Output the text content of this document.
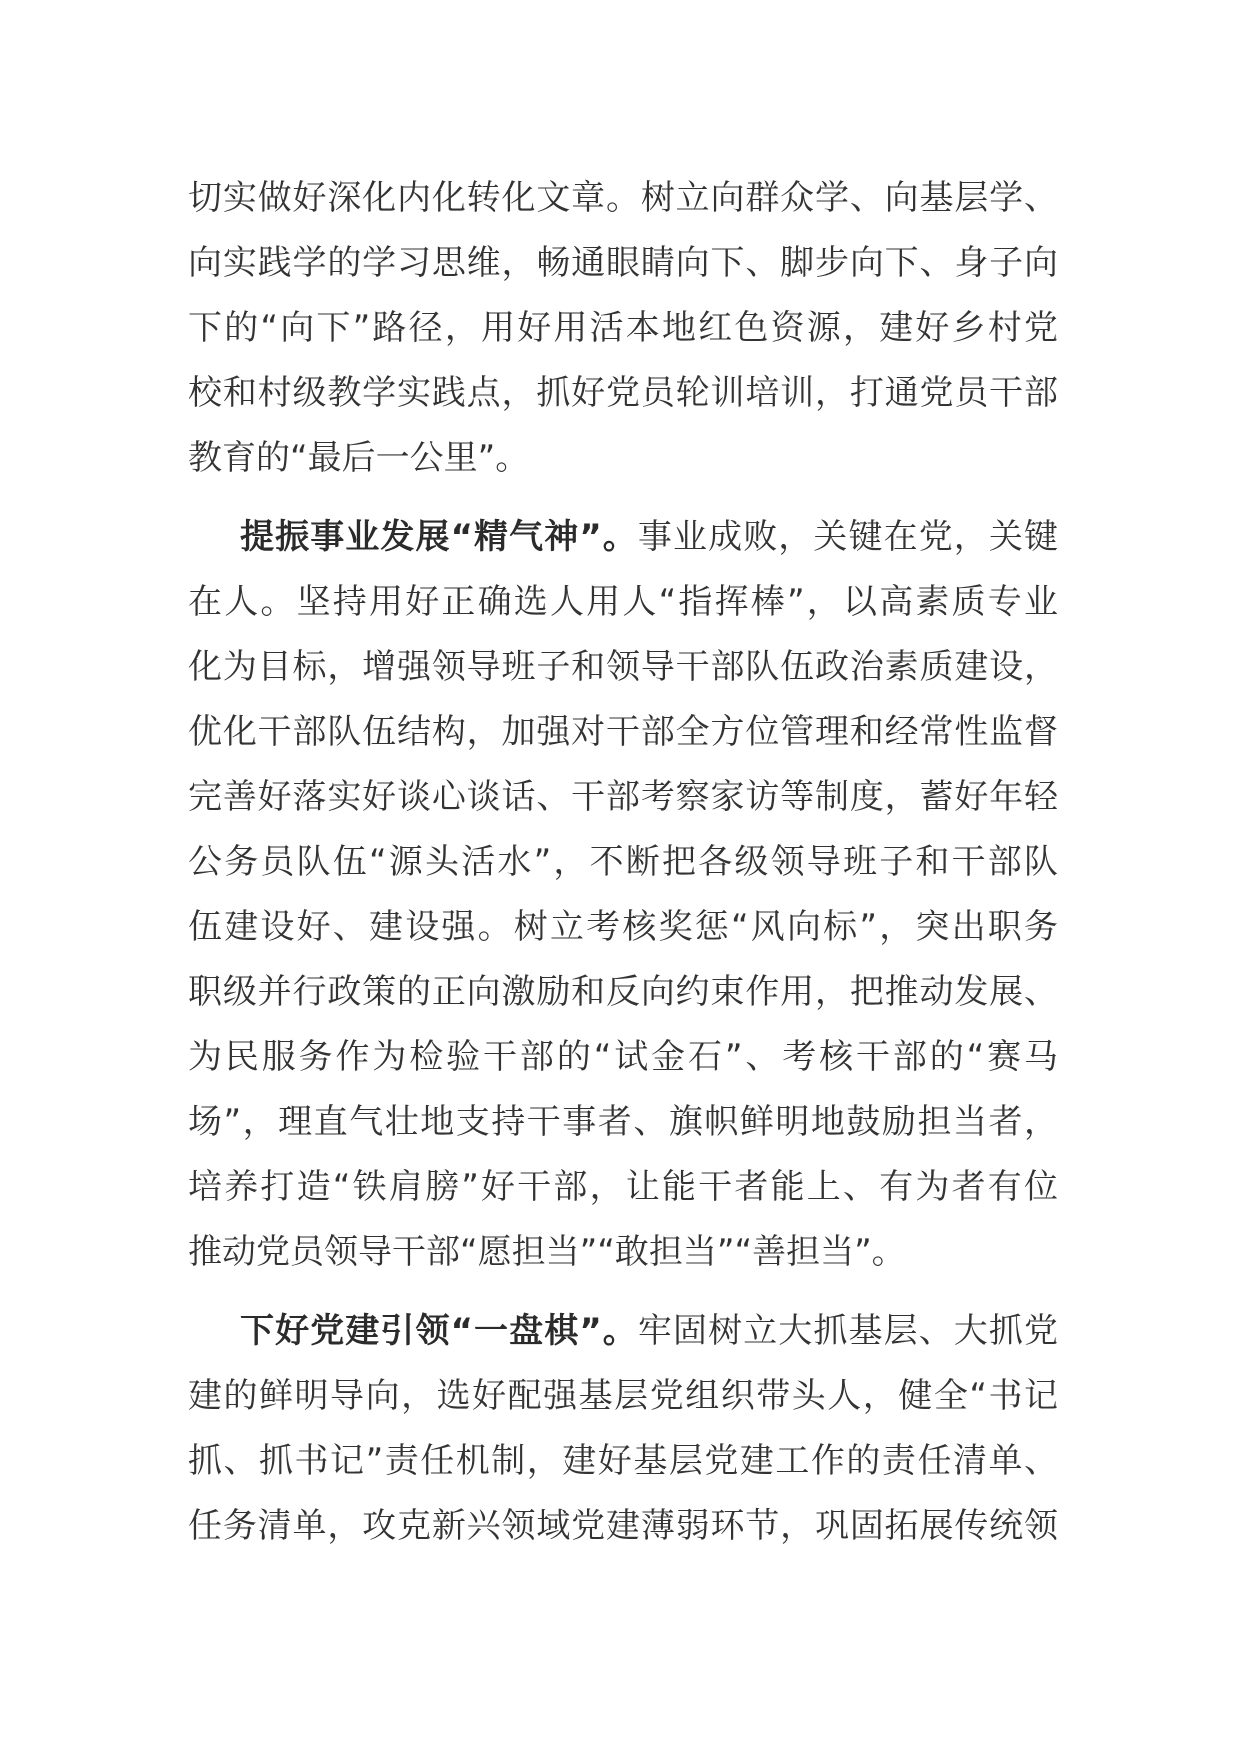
切实做好深化内化转化文章。树立向群众学、向基层学、
向实践学的学习思维，畅通眼睛向下、脚步向下、身子向
下的“向下”路径，用好用活本地红色资源，建好乡村党
校和村级教学实践点，抓好党员轮训培训，打通党员干部
教育的“最后一公里”。
提振事业发展“精气神”。事业成败，关键在党，关键
在人。坚持用好正确选人用人“指挥棒”，以高素质专业
化为目标，增强领导班子和领导干部队伍政治素质建设，
优化干部队伍结构，加强对干部全方位管理和经常性监督
完善好落实好谈心谈话、干部考察家访等制度，蓄好年轻
公务员队伍“源头活水”，不断把各级领导班子和干部队
伍建设好、建设强。树立考核奖惩“风向标”，突出职务
职级并行政策的正向激励和反向约束作用，把推动发展、
为民服务作为检验干部的“试金石”、考核干部的“赛马
场”，理直气壮地支持干事者、旗帜鲜明地鼓励担当者，
培养打造“铁肩膀”好干部，让能干者能上、有为者有位
推动党员领导干部“愿担当”“敢担当”“善担当”。
下好党建引领“一盘棋”。牢固树立大抓基层、大抓党
建的鲜明导向，选好配强基层党组织带头人，健全“书记
抓、抓书记”责任机制，建好基层党建工作的责任清单、
任务清单，攻克新兴领域党建薄弱环节，巩固拓展传统领
